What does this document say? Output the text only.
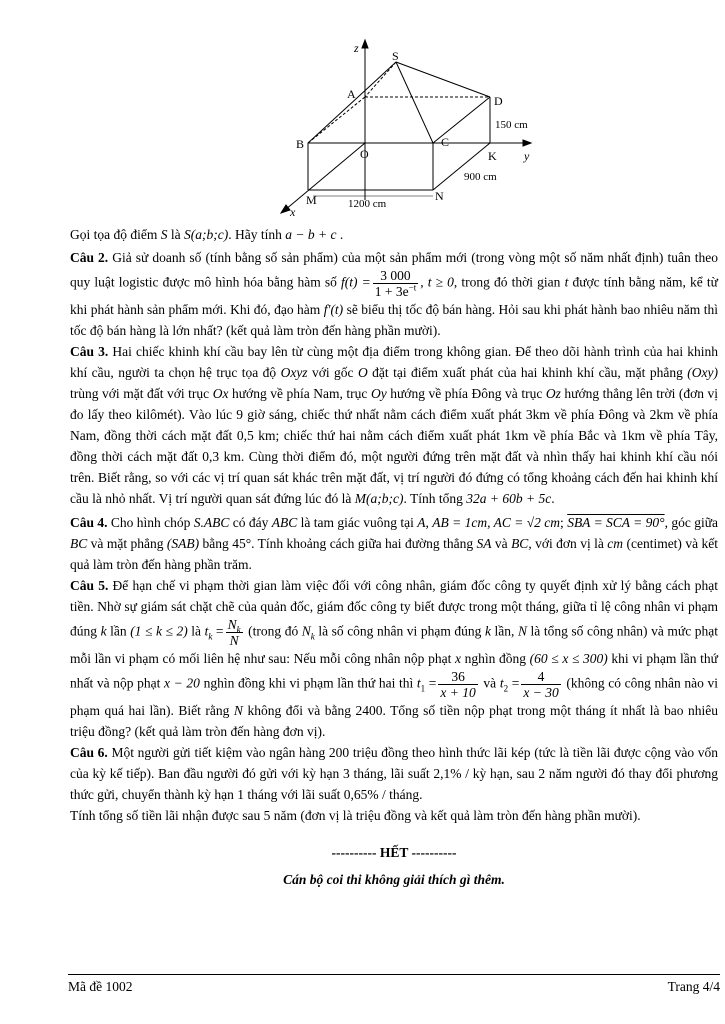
S
A	D
B	C
O	K
M	N
z
y
x
150 cm
900 cm
1200 cm

Gọi tọa độ điểm S là S(a;b;c). Hãy tính a − b + c .

Câu 2. Giả sử doanh số (tính bằng số sản phẩm) của một sản phẩm mới (trong vòng một số năm nhất định) tuân theo quy luật logistic được mô hình hóa bằng hàm số $f(t) = \frac{3 000}{1 + 3e^{-t}}$ , t ≥ 0, trong đó thời gian t được tính bằng năm, kể từ khi phát hành sản phẩm mới. Khi đó, đạo hàm f′(t) sẽ biểu thị tốc độ bán hàng. Hỏi sau khi phát hành bao nhiêu năm thì tốc độ bán hàng là lớn nhất? (kết quả làm tròn đến hàng phần mười).

Câu 3. Hai chiếc khinh khí cầu bay lên từ cùng một địa điểm trong không gian. Để theo dõi hành trình của hai khinh khí cầu, người ta chọn hệ trục tọa độ Oxyz với gốc O đặt tại điểm xuất phát của hai khinh khí cầu, mặt phẳng (Oxy) trùng với mặt đất với trục Ox hướng về phía Nam, trục Oy hướng về phía Đông và trục Oz hướng thẳng lên trời (đơn vị đo lấy theo kilômét). Vào lúc 9 giờ sáng, chiếc thứ nhất nằm cách điểm xuất phát 3km về phía Đông và 2km về phía Nam, đồng thời cách mặt đất 0,5 km; chiếc thứ hai nằm cách điểm xuất phát 1km về phía Bắc và 1km về phía Tây, đồng thời cách mặt đất 0,3 km. Cùng thời điểm đó, một người đứng trên mặt đất và nhìn thấy hai khinh khí cầu nói trên. Biết rằng, so với các vị trí quan sát khác trên mặt đất, vị trí người đó đứng có tổng khoảng cách đến hai khinh khí cầu là nhỏ nhất. Vị trí người quan sát đứng lúc đó là M(a;b;c). Tính tổng 32a + 60b + 5c.

Câu 4. Cho hình chóp S.ABC có đáy ABC là tam giác vuông tại A, AB = 1cm, AC = √2 cm; SBA = SCA = 90°, góc giữa BC và mặt phẳng (SAB) bằng 45°. Tính khoảng cách giữa hai đường thẳng SA và BC, với đơn vị là cm (centimet) và kết quả làm tròn đến hàng phần trăm.

Câu 5. Để hạn chế vi phạm thời gian làm việc đối với công nhân, giám đốc công ty quyết định xử lý bằng cách phạt tiền. Nhờ sự giám sát chặt chẽ của quản đốc, giám đốc công ty biết được trong một tháng, giữa tỉ lệ công nhân vi phạm đúng k lần (1 ≤ k ≤ 2) là $t_k = \frac{N_k}{N}$ (trong đó $N_k$ là số công nhân vi phạm đúng k lần, N là tổng số công nhân) và mức phạt mỗi lần vi phạm có mối liên hệ như sau: Nếu mỗi công nhân nộp phạt x nghìn đồng (60 ≤ x ≤ 300) khi vi phạm lần thứ nhất và nộp phạt x − 20 nghìn đồng khi vi phạm lần thứ hai thì $t_1 = \frac{36}{x + 10}$ và $t_2 = \frac{4}{x - 30}$ (không có công nhân nào vi phạm quá hai lần). Biết rằng N không đổi và bằng 2400. Tổng số tiền nộp phạt trong một tháng ít nhất là bao nhiêu triệu đồng? (kết quả làm tròn đến hàng đơn vị).

Câu 6. Một người gửi tiết kiệm vào ngân hàng 200 triệu đồng theo hình thức lãi kép (tức là tiền lãi được cộng vào vốn của kỳ kế tiếp). Ban đầu người đó gửi với kỳ hạn 3 tháng, lãi suất 2,1% / kỳ hạn, sau 2 năm người đó thay đổi phương thức gửi, chuyển thành kỳ hạn 1 tháng với lãi suất 0,65% / tháng.

Tính tổng số tiền lãi nhận được sau 5 năm (đơn vị là triệu đồng và kết quả làm tròn đến hàng phần mười).

---------- HẾT ----------
Cán bộ coi thi không giải thích gì thêm.
Mã đề 1002	Trang 4/4
